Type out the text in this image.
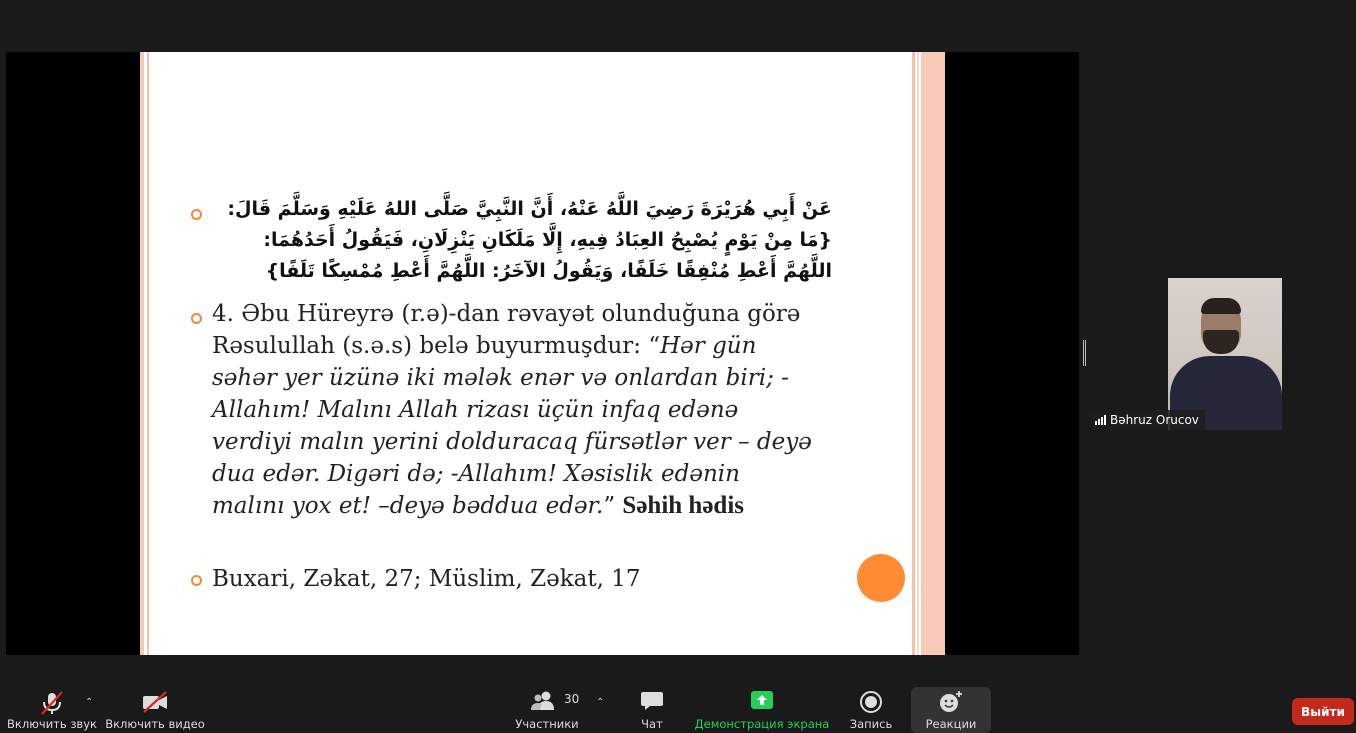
عَنْ أَبِي هُرَيْرَةَ رَضِيَ اللَّهُ عَنْهُ، أَنَّ النَّبِيَّ صَلَّى اللهُ عَلَيْهِ وَسَلَّمَ قَالَ: {مَا مِنْ يَوْمٍ يُصْبِحُ العِبَادُ فِيهِ، إِلَّا مَلَكَانِ يَنْزِلَانِ، فَيَقُولُ أَحَدُهُمَا: اللَّهُمَّ أَعْطِ مُنْفِقًا خَلَفًا، وَيَقُولُ الآخَرُ: اللَّهُمَّ أَعْطِ مُمْسِكًا تَلَفًا}
4. Əbu Hüreyrə (r.ə)-dan rəvayət olunduğuna görə Rəsulullah (s.ə.s) belə buyurmuşdur: “Hər gün səhər yer üzünə iki mələk enər və onlardan biri; -Allahım! Malını Allah rizası üçün infaq edənə verdiyi malın yerini dolduracaq fürsətlər ver – deyə dua edər. Digəri də; -Allahım! Xəsislik edənin malını yox et! –deyə bəddua edər.” Səhih hədis
Buxari, Zəkat, 27; Müslim, Zəkat, 17
Bəhruz Orucov
Включить звук
⌃
Включить видео
30
Участники
⌃
Чат	Демонстрация экрана Запись	Реакции
Выйти
